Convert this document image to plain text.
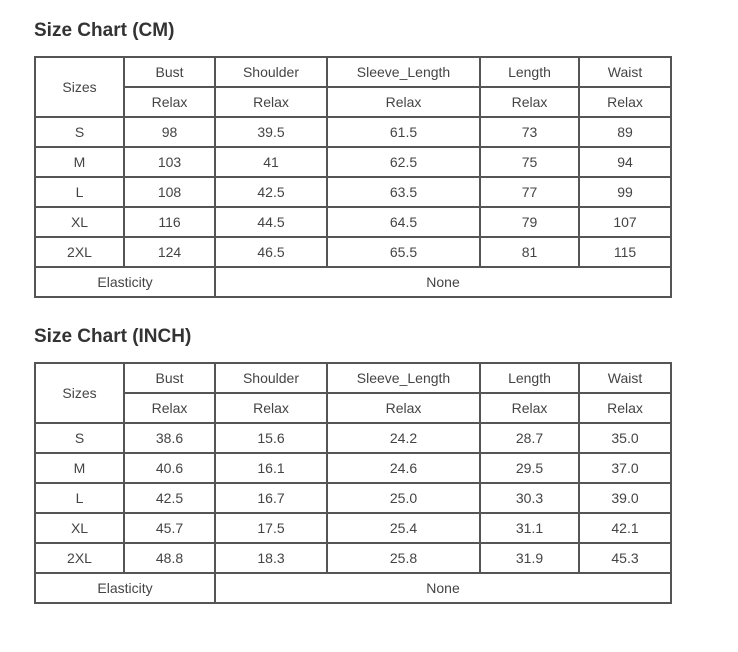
Size Chart (CM)
Sizes	Bust	Shoulder	Sleeve_Length	Length	Waist
	Relax	Relax	Relax	Relax	Relax
S	98	39.5	61.5	73	89
M	103	41	62.5	75	94
L	108	42.5	63.5	77	99
XL	116	44.5	64.5	79	107
2XL	124	46.5	65.5	81	115
Elasticity		None			
Size Chart (INCH)
Sizes	Bust	Shoulder	Sleeve_Length	Length	Waist
	Relax	Relax	Relax	Relax	Relax
S	38.6	15.6	24.2	28.7	35.0
M	40.6	16.1	24.6	29.5	37.0
L	42.5	16.7	25.0	30.3	39.0
XL	45.7	17.5	25.4	31.1	42.1
2XL	48.8	18.3	25.8	31.9	45.3
Elasticity		None			
